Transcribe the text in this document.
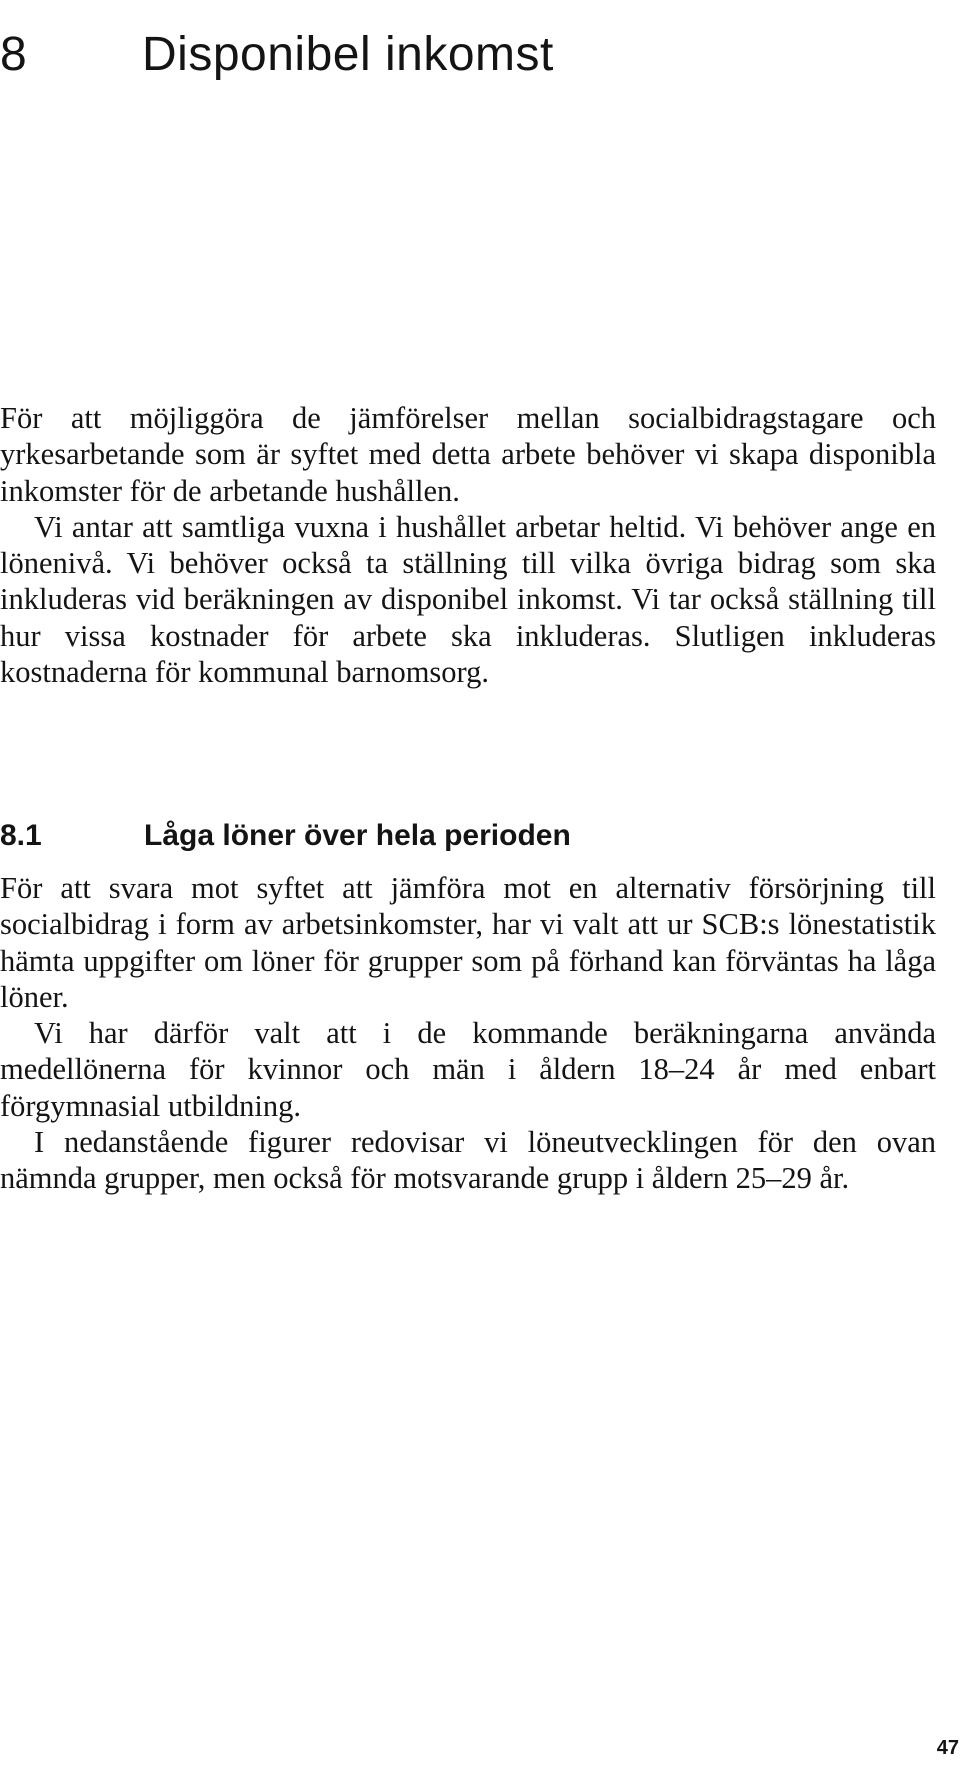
8	Disponibel inkomst

För att möjliggöra de jämförelser mellan socialbidragstagare och yrkesarbetande som är syftet med detta arbete behöver vi skapa disponibla inkomster för de arbetande hushållen.

Vi antar att samtliga vuxna i hushållet arbetar heltid. Vi behöver ange en lönenivå. Vi behöver också ta ställning till vilka övriga bidrag som ska inkluderas vid beräkningen av disponibel inkomst. Vi tar också ställning till hur vissa kostnader för arbete ska inkluderas. Slutligen inkluderas kostnaderna för kommunal barnomsorg.

8.1	Låga löner över hela perioden

För att svara mot syftet att jämföra mot en alternativ försörjning till socialbidrag i form av arbetsinkomster, har vi valt att ur SCB:s lönestatistik hämta uppgifter om löner för grupper som på förhand kan förväntas ha låga löner.

Vi har därför valt att i de kommande beräkningarna använda medellönerna för kvinnor och män i åldern 18–24 år med enbart förgymnasial utbildning.

I nedanstående figurer redovisar vi löneutvecklingen för den ovan nämnda grupper, men också för motsvarande grupp i åldern 25–29 år.

47
